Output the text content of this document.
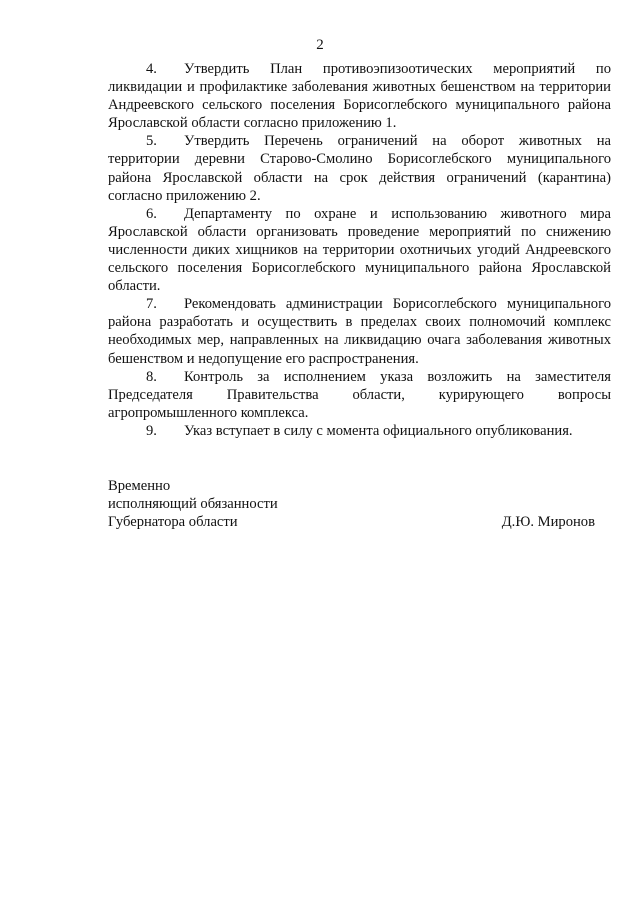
2

4. Утвердить План противоэпизоотических мероприятий по ликвидации и профилактике заболевания животных бешенством на территории Андреевского сельского поселения Борисоглебского муниципального района Ярославской области согласно приложению 1.

5. Утвердить Перечень ограничений на оборот животных на территории деревни Старово-Смолино Борисоглебского муниципального района Ярославской области на срок действия ограничений (карантина) согласно приложению 2.

6. Департаменту по охране и использованию животного мира Ярославской области организовать проведение мероприятий по снижению численности диких хищников на территории охотничьих угодий Андреевского сельского поселения Борисоглебского муниципального района Ярославской области.

7. Рекомендовать администрации Борисоглебского муниципального района разработать и осуществить в пределах своих полномочий комплекс необходимых мер, направленных на ликвидацию очага заболевания животных бешенством и недопущение его распространения.

8. Контроль за исполнением указа возложить на заместителя Председателя Правительства области, курирующего вопросы агропромышленного комплекса.

9. Указ вступает в силу с момента официального опубликования.

Временно
исполняющий обязанности
Губернатора области	Д.Ю. Миронов
